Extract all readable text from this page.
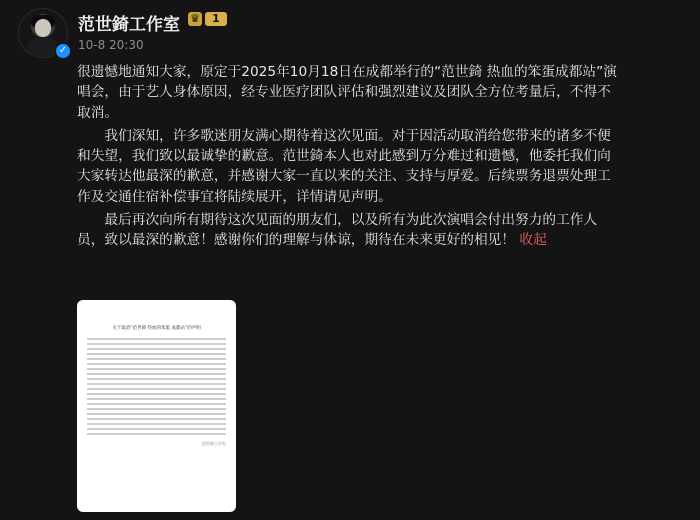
✓
范世錡工作室 ♛	1
10-8 20:30

很遗憾地通知大家，原定于2025年10月18日在成都举行的“范世錡 热血的笨蛋成都站”演唱会，由于艺人身体原因，经专业医疗团队评估和强烈建议及团队全方位考量后，不得不取消。

　　我们深知，许多歌迷朋友满心期待着这次见面。对于因活动取消给您带来的诸多不便和失望，我们致以最诚挚的歉意。范世錡本人也对此感到万分难过和遗憾，他委托我们向大家转达他最深的歉意，并感谢大家一直以来的关注、支持与厚爱。后续票务退票处理工作及交通住宿补偿事宜将陆续展开，详情请见声明。

　　最后再次向所有期待这次见面的朋友们，以及所有为此次演唱会付出努力的工作人员，致以最深的歉意！感谢你们的理解与体谅，期待在未来更好的相见！ 收起

关于取消“范世錡 热血的笨蛋 成都站”的声明
范世錡工作室
